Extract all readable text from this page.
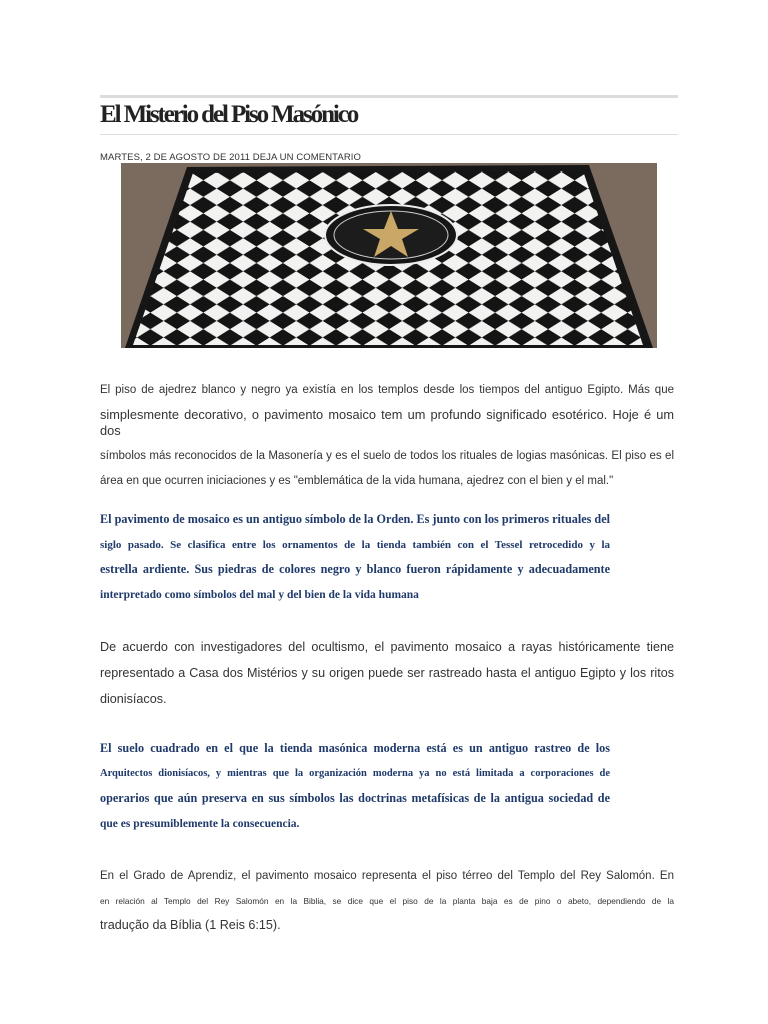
El Misterio del Piso Masónico
MARTES, 2 DE AGOSTO DE 2011 DEJA UN COMENTARIO
El piso de ajedrez blanco y negro ya existía en los templos desde los tiempos del antiguo Egipto. Más que
simplesmente decorativo, o pavimento mosaico tem um profundo significado esotérico. Hoje é um dos
símbolos más reconocidos de la Masonería y es el suelo de todos los rituales de logias masónicas. El piso es el
área en que ocurren iniciaciones y es "emblemática de la vida humana, ajedrez con el bien y el mal."
El pavimento de mosaico es un antiguo símbolo de la Orden. Es junto con los primeros rituales del
siglo pasado. Se clasifica entre los ornamentos de la tienda también con el Tessel retrocedido y la
estrella ardiente. Sus piedras de colores negro y blanco fueron rápidamente y adecuadamente
interpretado como símbolos del mal y del bien de la vida humana
De acuerdo con investigadores del ocultismo, el pavimento mosaico a rayas históricamente tiene
representado a Casa dos Mistérios y su origen puede ser rastreado hasta el antiguo Egipto y los ritos
dionisíacos.
El suelo cuadrado en el que la tienda masónica moderna está es un antiguo rastreo de los
Arquitectos dionisíacos, y mientras que la organización moderna ya no está limitada a corporaciones de
operarios que aún preserva en sus símbolos las doctrinas metafísicas de la antigua sociedad de
que es presumiblemente la consecuencia.
En el Grado de Aprendiz, el pavimento mosaico representa el piso térreo del Templo del Rey Salomón. En
en relación al Templo del Rey Salomón en la Biblia, se dice que el piso de la planta baja es de pino o abeto, dependiendo de la
tradução da Bíblia (1 Reis 6:15).
